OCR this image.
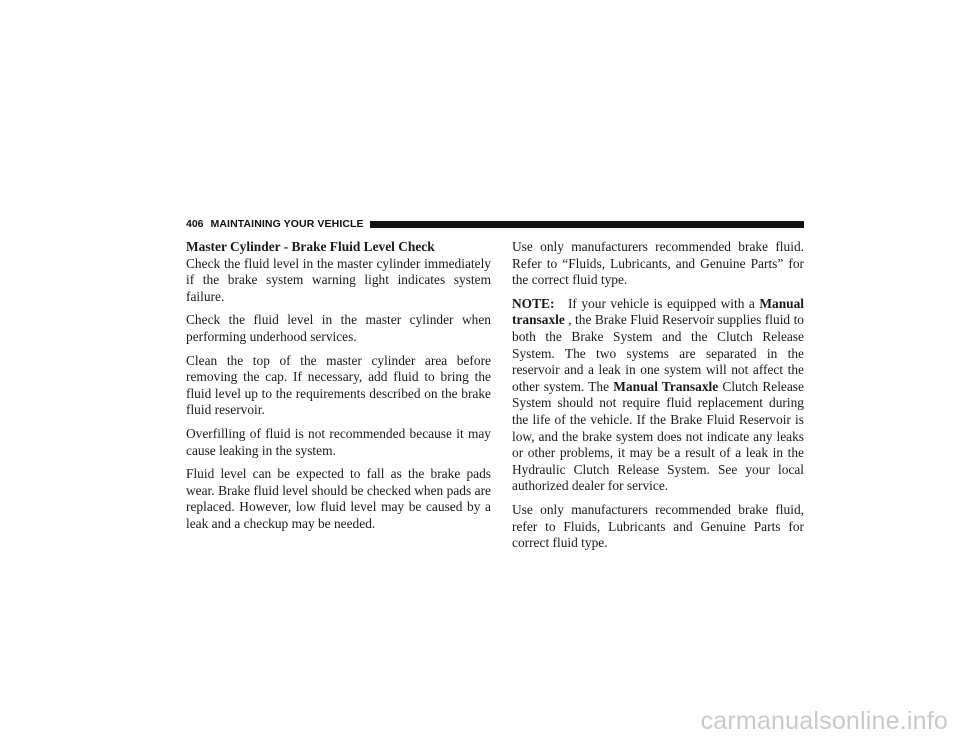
406 MAINTAINING YOUR VEHICLE

Master Cylinder - Brake Fluid Level Check
Check the fluid level in the master cylinder immediately if the brake system warning light indicates system failure.

Check the fluid level in the master cylinder when performing underhood services.

Clean the top of the master cylinder area before removing the cap. If necessary, add fluid to bring the fluid level up to the requirements described on the brake fluid reservoir.

Overfilling of fluid is not recommended because it may cause leaking in the system.

Fluid level can be expected to fall as the brake pads wear. Brake fluid level should be checked when pads are replaced. However, low fluid level may be caused by a leak and a checkup may be needed.

Use only manufacturers recommended brake fluid. Refer to “Fluids, Lubricants, and Genuine Parts” for the correct fluid type.

NOTE: If your vehicle is equipped with a Manual transaxle , the Brake Fluid Reservoir supplies fluid to both the Brake System and the Clutch Release System. The two systems are separated in the reservoir and a leak in one system will not affect the other system. The Manual Transaxle Clutch Release System should not require fluid replacement during the life of the vehicle. If the Brake Fluid Reservoir is low, and the brake system does not indicate any leaks or other problems, it may be a result of a leak in the Hydraulic Clutch Release System. See your local authorized dealer for service.

Use only manufacturers recommended brake fluid, refer to Fluids, Lubricants and Genuine Parts for correct fluid type.

carmanualsonline.info
